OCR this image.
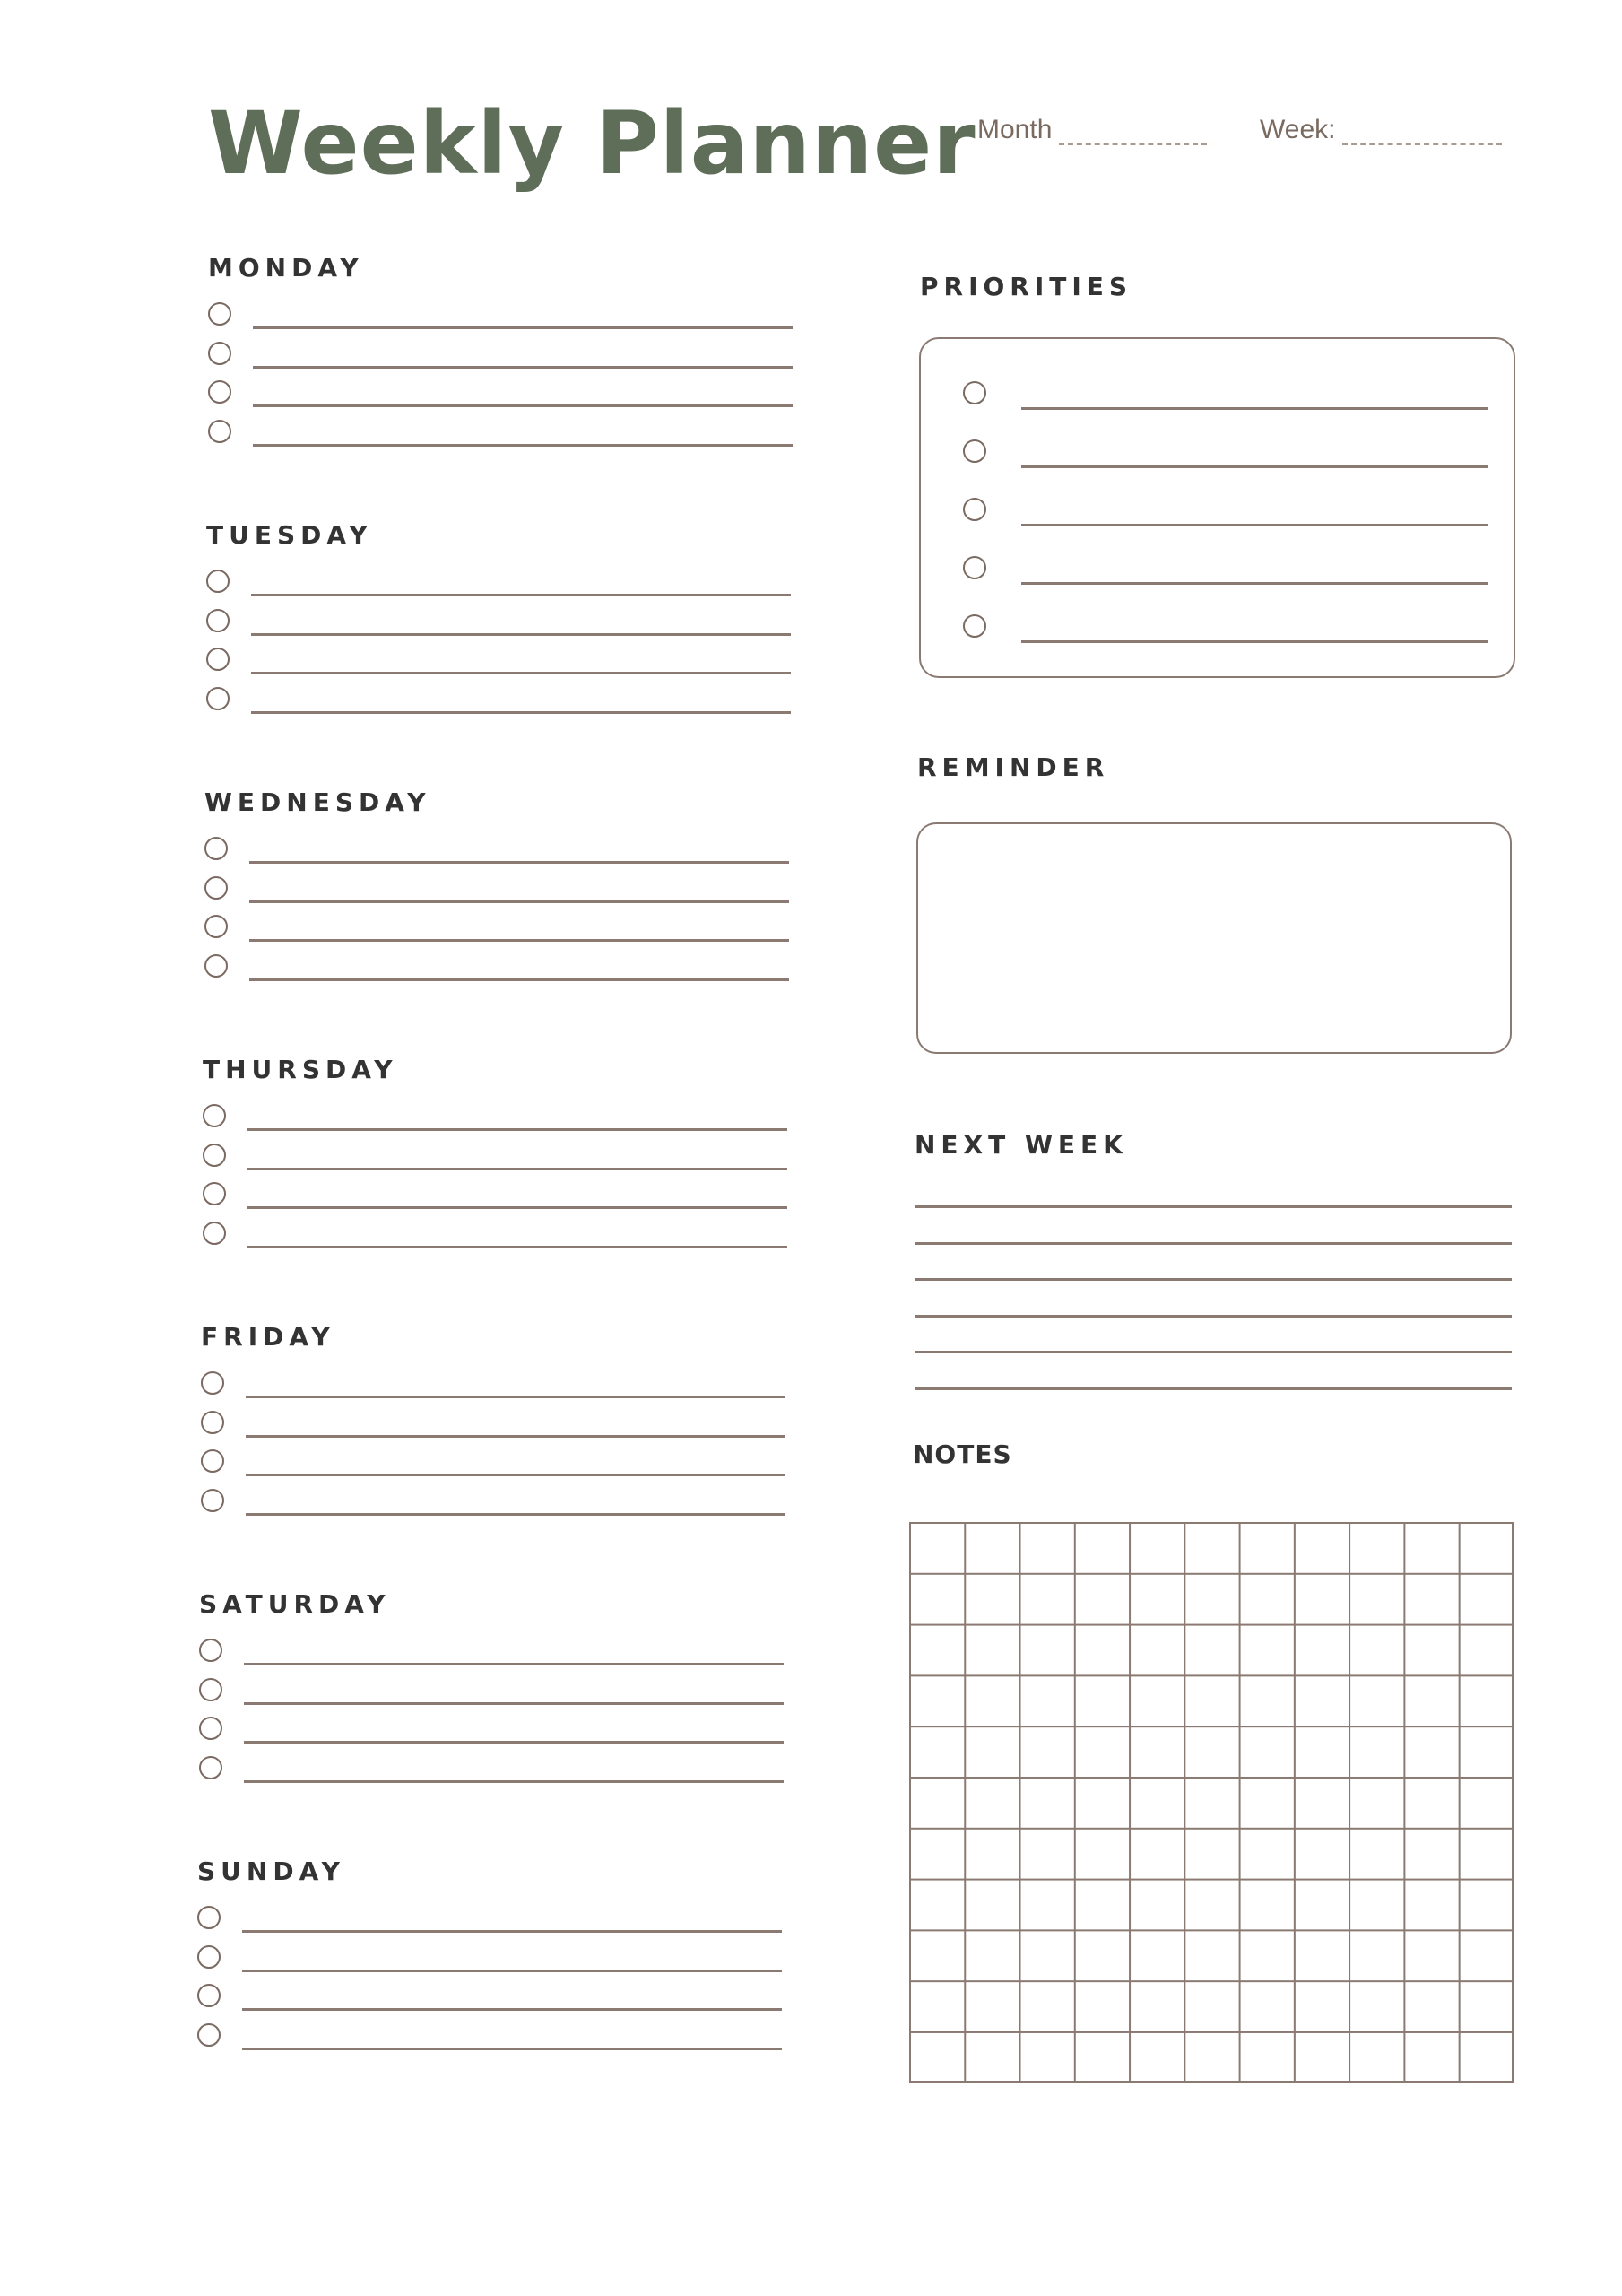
Weekly Planner Month	Week:
PRIORITIES
REMINDER
NEXT WEEK
NOTES
MONDAY
TUESDAY
WEDNESDAY
THURSDAY
FRIDAY
SATURDAY
SUNDAY
